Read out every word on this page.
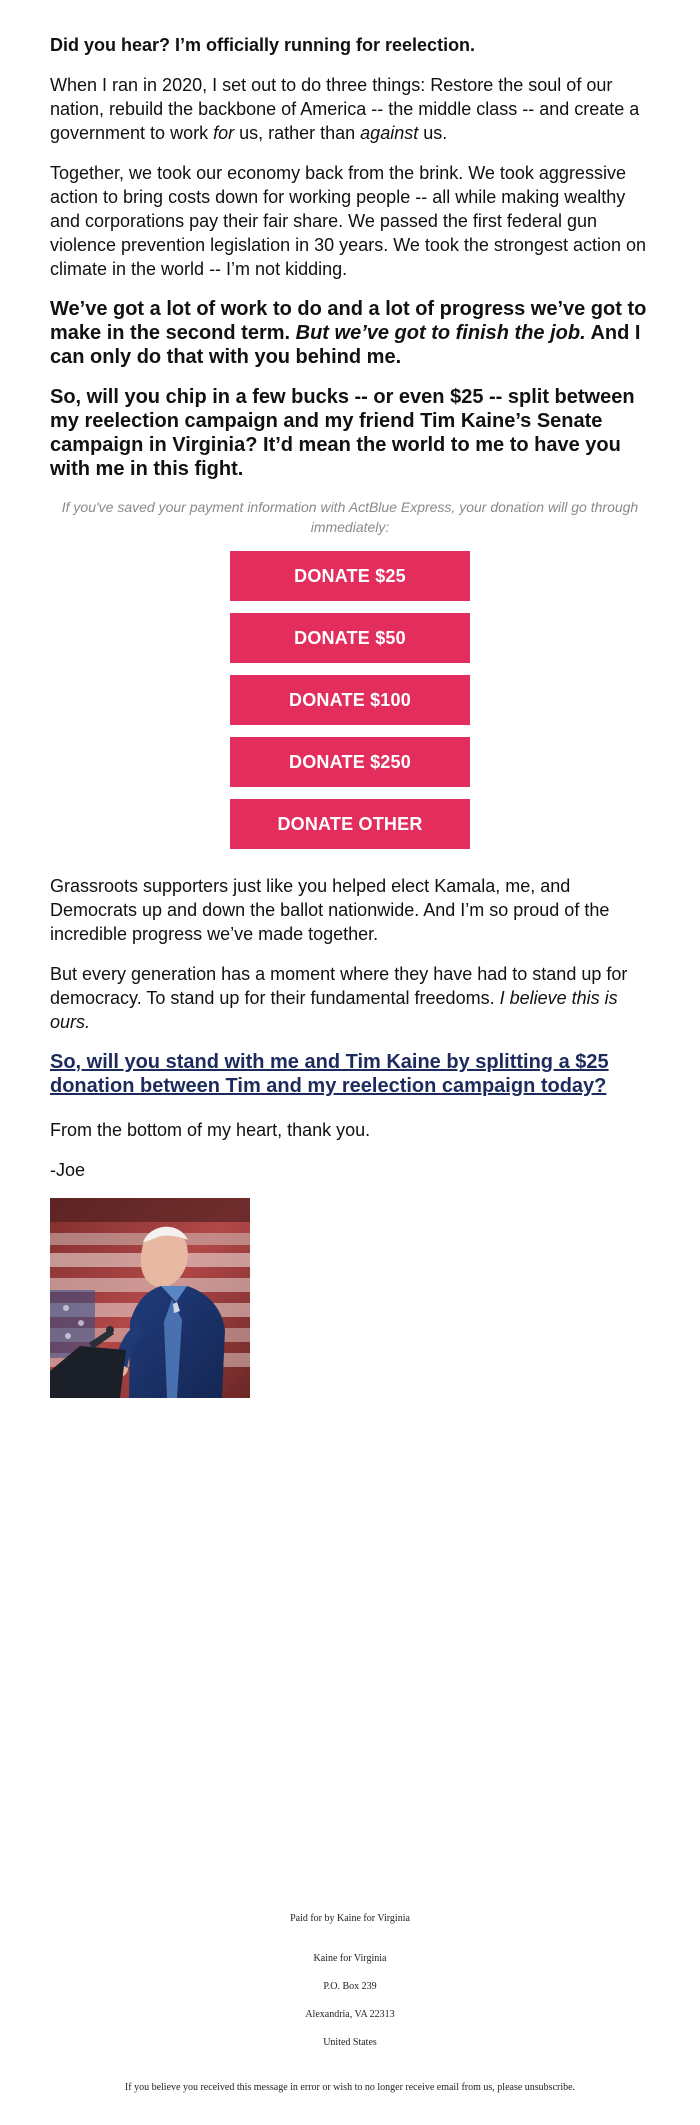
Did you hear? I’m officially running for reelection.
When I ran in 2020, I set out to do three things: Restore the soul of our nation, rebuild the backbone of America -- the middle class -- and create a government to work for us, rather than against us.
Together, we took our economy back from the brink. We took aggressive action to bring costs down for working people -- all while making wealthy and corporations pay their fair share. We passed the first federal gun violence prevention legislation in 30 years. We took the strongest action on climate in the world -- I’m not kidding.
We’ve got a lot of work to do and a lot of progress we’ve got to make in the second term. But we’ve got to finish the job. And I can only do that with you behind me.
So, will you chip in a few bucks -- or even $25 -- split between my reelection campaign and my friend Tim Kaine’s Senate campaign in Virginia? It’d mean the world to me to have you with me in this fight.
If you've saved your payment information with ActBlue Express, your donation will go through immediately:
DONATE $25
DONATE $50
DONATE $100
DONATE $250
DONATE OTHER
Grassroots supporters just like you helped elect Kamala, me, and Democrats up and down the ballot nationwide. And I’m so proud of the incredible progress we’ve made together.
But every generation has a moment where they have had to stand up for democracy. To stand up for their fundamental freedoms. I believe this is ours.
So, will you stand with me and Tim Kaine by splitting a $25 donation between Tim and my reelection campaign today?
From the bottom of my heart, thank you.
-Joe
Paid for by Kaine for Virginia
Kaine for Virginia
P.O. Box 239
Alexandria, VA 22313
United States
If you believe you received this message in error or wish to no longer receive email from us, please unsubscribe.
